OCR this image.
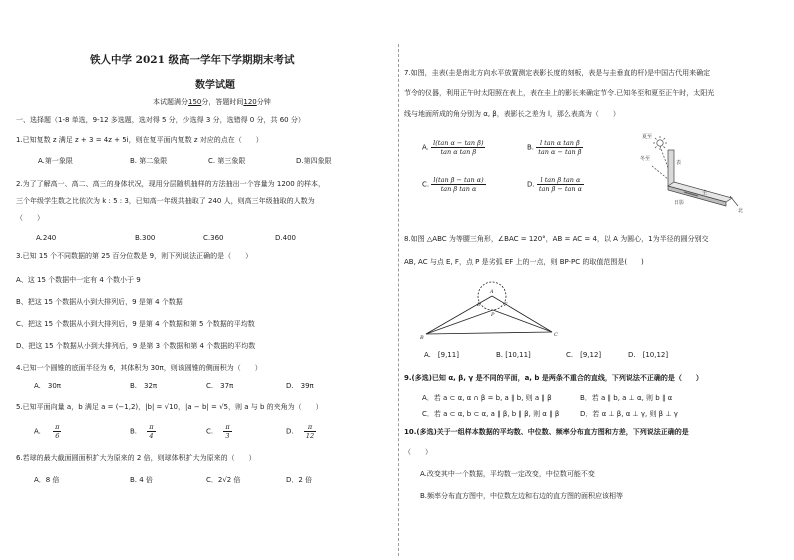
铁人中学 2021 级高一学年下学期期末考试
数学试题
本试题满分150分，答题时间120分钟
一、选择题（1-8 单选，9-12 多选题，选对得 5 分，少选得 3 分，选错得 0 分，共 60 分）
1.已知复数 z 满足 z + 3 = 4z + 5i，则在复平面内复数 z 对应的点在（　　）
A.第一象限	B. 第二象限	C. 第三象限	D.第四象限
2.为了了解高一、高二、高三的身体状况，现用分层随机抽样的方法抽出一个容量为 1200 的样本，
三个年级学生数之比依次为 k : 5 : 3，已知高一年级共抽取了 240 人，则高三年级抽取的人数为
（　　）
A.240	B.300	C.360	D.400
3.已知 15 个不同数据的第 25 百分位数是 9，则下列说法正确的是（　　）
A、这 15 个数据中一定有 4 个数小于 9
B、把这 15 个数据从小到大排列后，9 是第 4 个数据
C、把这 15 个数据从小到大排列后，9 是第 4 个数据和第 5 个数据的平均数
D、把这 15 个数据从小到大排列后，9 是第 3 个数据和第 4 个数据的平均数
4.已知一个圆锥的底面半径为 6，其体积为 30π，则该圆锥的侧面积为（　　）
A.　30π	B.　32π	C.　37π	D.　39π
5.已知平面向量 a，b 满足 a = (−1,2)，|b| = √10，|a − b| = √5，则 a 与 b 的夹角为（　　）
A. $\frac{\pi}{6}$	B. $\frac{\pi}{4}$	C. $\frac{\pi}{3}$	D. $\frac{\pi}{12}$
6.若球的最大截面圆面积扩大为原来的 2 倍，则球体积扩大为原来的（　　）
A．8 倍	B. 4 倍	C．2√2 倍	D．2 倍
7.如图，圭表(圭是南北方向水平放置测定表影长度的刻板，表是与圭垂直的杆)是中国古代用来确定
节令的仪器，利用正午时太阳照在表上，表在圭上的影长来确定节令.已知冬至和夏至正午时，太阳光
线与地面所成的角分别为 α, β，表影长之差为 l，那么表高为（　　）
A. $\frac{\text{l(tan α − tan β)}}{\text{tan α tan β}}$	B. $\frac{\text{l tan α tan β}}{\text{tan α − tan β}}$
C. $\frac{\text{l(tan β − tan α)}}{\text{tan β tan α}}$	D. $\frac{\text{l tan β tan α}}{\text{tan β − tan α}}$
夏至
冬至
表
圭
日影
北
8.如图 △ABC 为等腰三角形，∠BAC = 120°，AB = AC = 4，以 A 为圆心，1为半径的圆分别交
AB, AC 与点 E, F，点 P 是劣弧 EF 上的一点，则 BP·PC 的取值范围是(　　)
A
E	F
P
B	C
A.　[9,11]	B. [10,11]	C.　[9,12]	D.　[10,12]
9.(多选)已知 α, β, γ 是不同的平面，a, b 是两条不重合的直线，下列说法不正确的是（　　）
A．若 a ⊂ α, α ∩ β = b, a ∥ b, 则 a ∥ β	B．若 a ∥ b, a ⊥ α, 则 b ∥ α
C．若 a ⊂ α, b ⊂ α, a ∥ β, b ∥ β, 则 α ∥ β	D．若 α ⊥ β, α ⊥ γ, 则 β ⊥ γ
10.(多选)关于一组样本数据的平均数、中位数、频率分布直方图和方差，下列说法正确的是
（　　）
A.改变其中一个数据，平均数一定改变，中位数可能不变
B.频率分布直方图中，中位数左边和右边的直方图的面积应该相等
